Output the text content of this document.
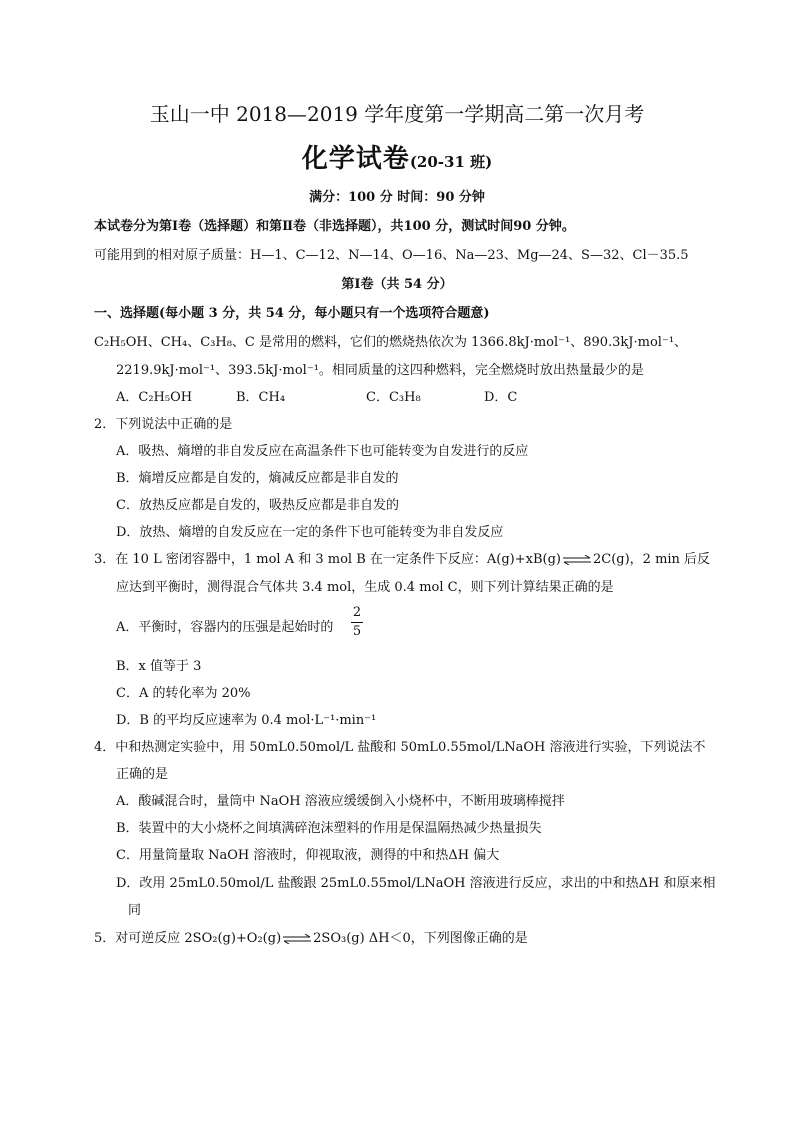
玉山一中 2018—2019 学年度第一学期高二第一次月考
化学试卷(20-31 班)
满分：100 分 时间：90 分钟
本试卷分为第Ⅰ卷（选择题）和第Ⅱ卷（非选择题），共100 分，测试时间90 分钟。
可能用到的相对原子质量：H—1、C—12、N—14、O—16、Na—23、Mg—24、S—32、Cl－35.5
第Ⅰ卷（共 54 分）
一、选择题(每小题 3 分，共 54 分，每小题只有一个选项符合题意)
C₂H₅OH、CH₄、C₃H₈、C 是常用的燃料，它们的燃烧热依次为 1366.8kJ·mol⁻¹、890.3kJ·mol⁻¹、
2219.9kJ·mol⁻¹、393.5kJ·mol⁻¹。相同质量的这四种燃料，完全燃烧时放出热量最少的是
A．C₂H₅OH	B．CH₄	C．C₃H₈	D．C
2．下列说法中正确的是
A．吸热、熵增的非自发反应在高温条件下也可能转变为自发进行的反应
B．熵增反应都是自发的，熵减反应都是非自发的
C．放热反应都是自发的，吸热反应都是非自发的
D．放热、熵增的自发反应在一定的条件下也可能转变为非自发反应
3．在 10 L 密闭容器中，1 mol A 和 3 mol B 在一定条件下反应：A(g)+xB(g)⇌2C(g)，2 min 后反
应达到平衡时，测得混合气体共 3.4 mol，生成 0.4 mol C，则下列计算结果正确的是
A．平衡时，容器内的压强是起始时的
2
5
B．x 值等于 3
C．A 的转化率为 20%
D．B 的平均反应速率为 0.4 mol·L⁻¹·min⁻¹
4．中和热测定实验中，用 50mL0.50mol/L 盐酸和 50mL0.55mol/LNaOH 溶液进行实验，下列说法不
正确的是
A．酸碱混合时，量筒中 NaOH 溶液应缓缓倒入小烧杯中，不断用玻璃棒搅拌
B．装置中的大小烧杯之间填满碎泡沫塑料的作用是保温隔热减少热量损失
C．用量筒量取 NaOH 溶液时，仰视取液，测得的中和热ΔH 偏大
D．改用 25mL0.50mol/L 盐酸跟 25mL0.55mol/LNaOH 溶液进行反应，求出的中和热ΔH 和原来相
同
5．对可逆反应 2SO₂(g)+O₂(g)⇌2SO₃(g) ΔH＜0，下列图像正确的是
